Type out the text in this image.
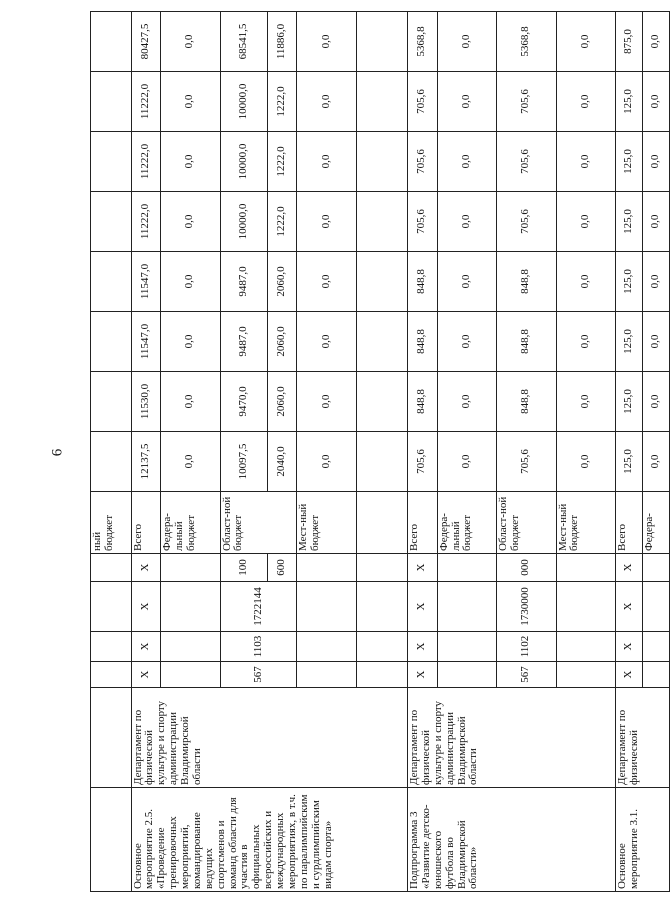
6
						ный бюджет								
Основное мероприятие 2.5. «Проведение тренировочных мероприятий, командирование ведущих спортсменов и команд области для участия в официальных всероссийских и международных мероприятиях, в т.ч. по паралимпийским и сурдлимпийским видам спорта»	Департамент по физической культуре и спорту администрации Владимирской области	X	X	X	X	Всего	12137,5	11530,0	11547,0	11547,0	11222,0	11222,0	11222,0	80427,5
						Федера-льный бюджет	0,0	0,0	0,0	0,0	0,0	0,0	0,0	0,0
		567	1103	1722144	100	Област-ной бюджет	10097,5	9470,0	9487,0	9487,0	10000,0	10000,0	10000,0	68541,5
					600		2040,0	2060,0	2060,0	2060,0	1222,0	1222,0	1222,0	11886,0
						Мест-ный бюджет	0,0	0,0	0,0	0,0	0,0	0,0	0,0	0,0

Подпрограмма 3 «Развитие детско-юношеского футбола во Владимирской области»	Департамент по физической культуре и спорту администрации Владимирской области	X	X	X	X	Всего	705,6	848,8	848,8	848,8	705,6	705,6	705,6	5368,8
						Федера-льный бюджет	0,0	0,0	0,0	0,0	0,0	0,0	0,0	0,0
		567	1102	1730000	000	Област-ной бюджет	705,6	848,8	848,8	848,8	705,6	705,6	705,6	5368,8
						Мест-ный бюджет	0,0	0,0	0,0	0,0	0,0	0,0	0,0	0,0
Основное мероприятие 3.1.	Департамент по физической	X	X	X	X	Всего	125,0	125,0	125,0	125,0	125,0	125,0	125,0	875,0
						Федера-	0,0	0,0	0,0	0,0	0,0	0,0	0,0	0,0
